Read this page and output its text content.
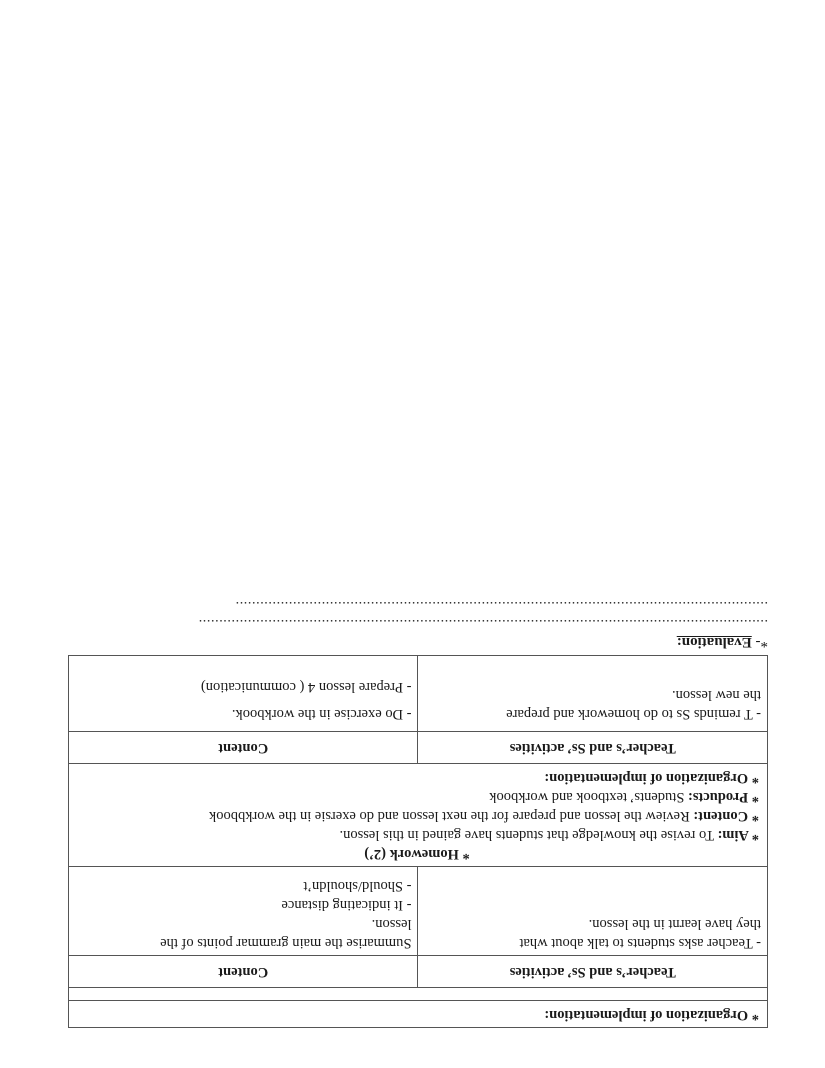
* Organization of implementation:	

Teacher’s and Ss’ activities	Content

- Teacher asks students to talk about what
they have learnt in the lesson.	Summarise the main grammar points of the
lesson.
- It indicating distance
- Should/shouldn’t

* Homework (2’)
* Aim: To revise the knowledge that students have gained in this lesson.
* Content: Review the lesson and prepare for the next lesson and do exersie in the workbbook
* Products: Students’ textbook and workbook
* Organization of implementation:	

Teacher’s and Ss’ activities	Content

- T reminds Ss to do homework and prepare
the new lesson.	- Do exercise in the workbook.
- Prepare lesson 4 ( communication)
*- Evaluation:
...........................................................................................................................................
..................................................................................................................................
